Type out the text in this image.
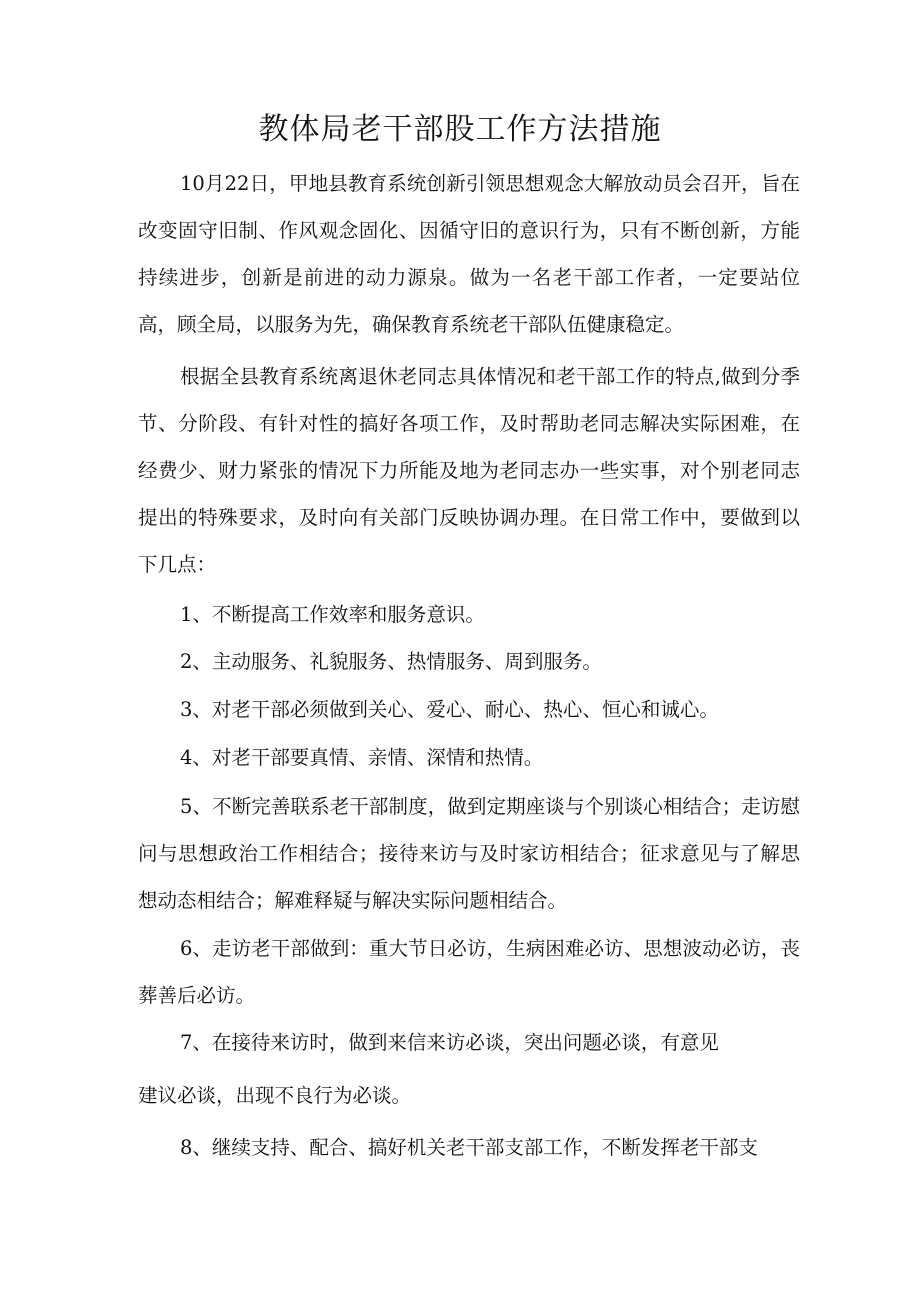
教体局老干部股工作方法措施

10月22日，甲地县教育系统创新引领思想观念大解放动员会召开，旨在改变固守旧制、作风观念固化、因循守旧的意识行为，只有不断创新，方能持续进步，创新是前进的动力源泉。做为一名老干部工作者，一定要站位高，顾全局，以服务为先，确保教育系统老干部队伍健康稳定。

根据全县教育系统离退休老同志具体情况和老干部工作的特点,做到分季节、分阶段、有针对性的搞好各项工作，及时帮助老同志解决实际困难，在经费少、财力紧张的情况下力所能及地为老同志办一些实事，对个别老同志提出的特殊要求，及时向有关部门反映协调办理。在日常工作中，要做到以下几点：

1、不断提高工作效率和服务意识。

2、主动服务、礼貌服务、热情服务、周到服务。

3、对老干部必须做到关心、爱心、耐心、热心、恒心和诚心。

4、对老干部要真情、亲情、深情和热情。

5、不断完善联系老干部制度，做到定期座谈与个别谈心相结合；走访慰问与思想政治工作相结合；接待来访与及时家访相结合；征求意见与了解思想动态相结合；解难释疑与解决实际问题相结合。

6、走访老干部做到：重大节日必访，生病困难必访、思想波动必访，丧葬善后必访。

7、在接待来访时，做到来信来访必谈，突出问题必谈，有意见
建议必谈，出现不良行为必谈。
8、继续支持、配合、搞好机关老干部支部工作，不断发挥老干部支
